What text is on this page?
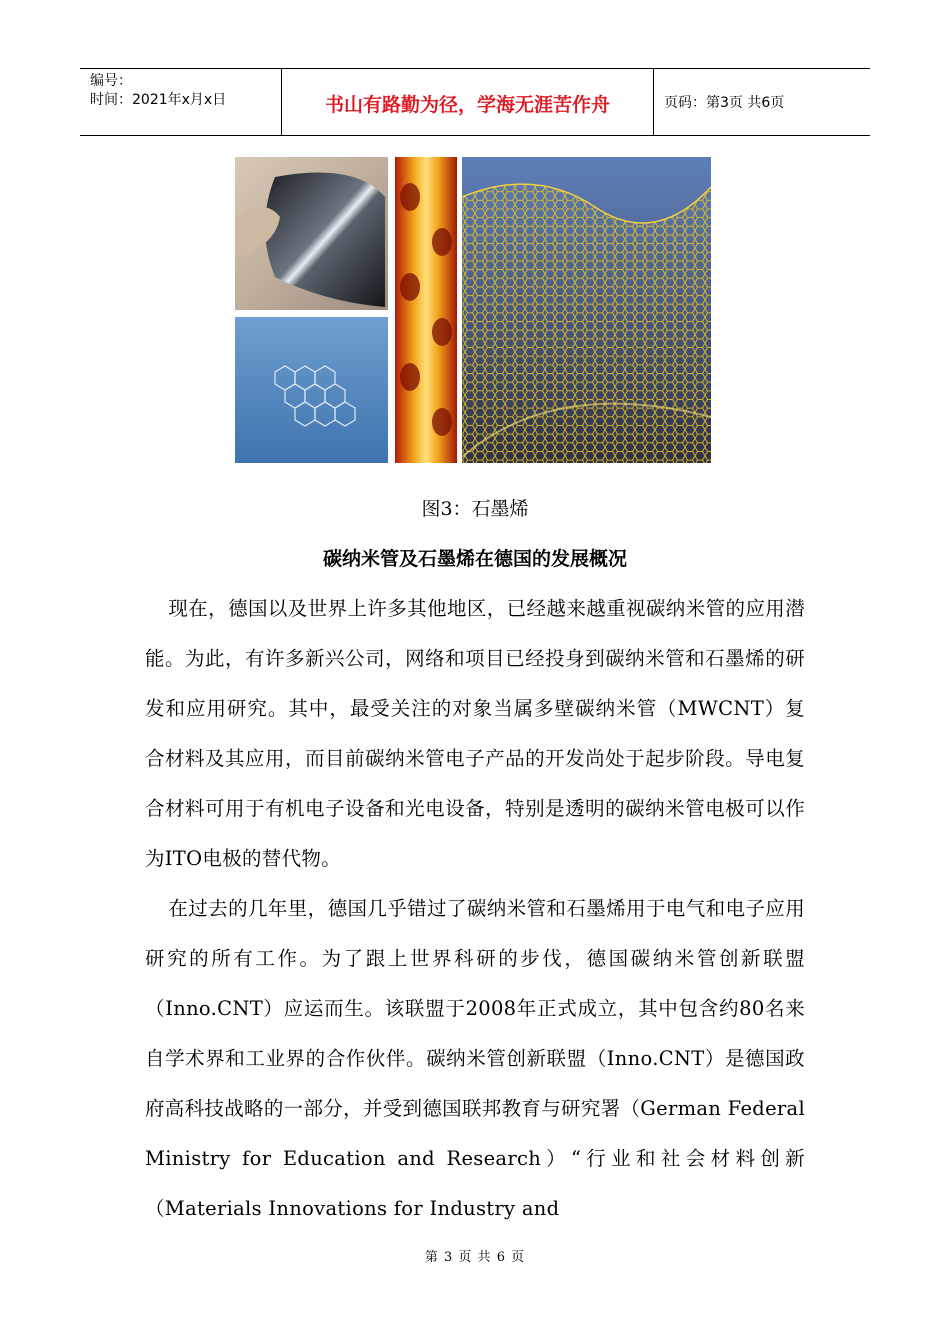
编号：
时间：2021年x月x日	书山有路勤为径，学海无涯苦作舟	页码：第3页 共6页
图3：石墨烯
碳纳米管及石墨烯在德国的发展概况

现在，德国以及世界上许多其他地区，已经越来越重视碳纳米管的应用潜能。为此，有许多新兴公司，网络和项目已经投身到碳纳米管和石墨烯的研发和应用研究。其中，最受关注的对象当属多壁碳纳米管（MWCNT）复合材料及其应用，而目前碳纳米管电子产品的开发尚处于起步阶段。导电复合材料可用于有机电子设备和光电设备，特别是透明的碳纳米管电极可以作为ITO电极的替代物。

在过去的几年里，德国几乎错过了碳纳米管和石墨烯用于电气和电子应用研究的所有工作。为了跟上世界科研的步伐，德国碳纳米管创新联盟（Inno.CNT）应运而生。该联盟于2008年正式成立，其中包含约80名来自学术界和工业界的合作伙伴。碳纳米管创新联盟（Inno.CNT）是德国政府高科技战略的一部分，并受到德国联邦教育与研究署（German Federal Ministry for Education and Research）“行业和社会材料创新（Materials Innovations for Industry and

第 3 页 共 6 页
